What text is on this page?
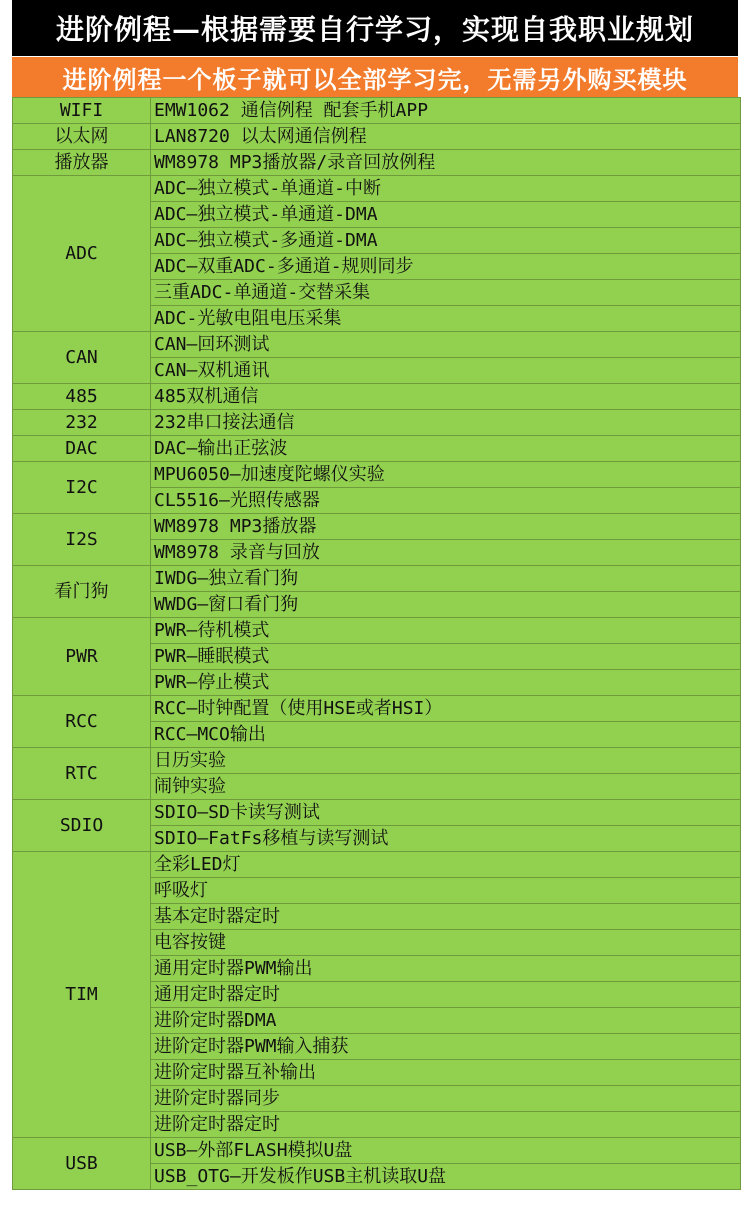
进阶例程—根据需要自行学习，实现自我职业规划
进阶例程一个板子就可以全部学习完，无需另外购买模块
WIFI	EMW1062 通信例程 配套手机APP
以太网	LAN8720 以太网通信例程
播放器	WM8978 MP3播放器/录音回放例程
ADC	ADC—独立模式-单通道-中断
	ADC—独立模式-单通道-DMA
	ADC—独立模式-多通道-DMA
	ADC—双重ADC-多通道-规则同步
	三重ADC-单通道-交替采集
	ADC-光敏电阻电压采集
CAN	CAN—回环测试
	CAN—双机通讯
485	485双机通信
232	232串口接法通信
DAC	DAC—输出正弦波
I2C	MPU6050—加速度陀螺仪实验
	CL5516—光照传感器
I2S	WM8978 MP3播放器
	WM8978 录音与回放
看门狗	IWDG—独立看门狗
	WWDG—窗口看门狗
PWR	PWR—待机模式
	PWR—睡眠模式
	PWR—停止模式
RCC	RCC—时钟配置（使用HSE或者HSI）
	RCC—MCO输出
RTC	日历实验
	闹钟实验
SDIO	SDIO—SD卡读写测试
	SDIO—FatFs移植与读写测试
TIM	全彩LED灯
	呼吸灯
	基本定时器定时
	电容按键
	通用定时器PWM输出
	通用定时器定时
	进阶定时器DMA
	进阶定时器PWM输入捕获
	进阶定时器互补输出
	进阶定时器同步
	进阶定时器定时
USB	USB—外部FLASH模拟U盘
	USB_OTG—开发板作USB主机读取U盘
